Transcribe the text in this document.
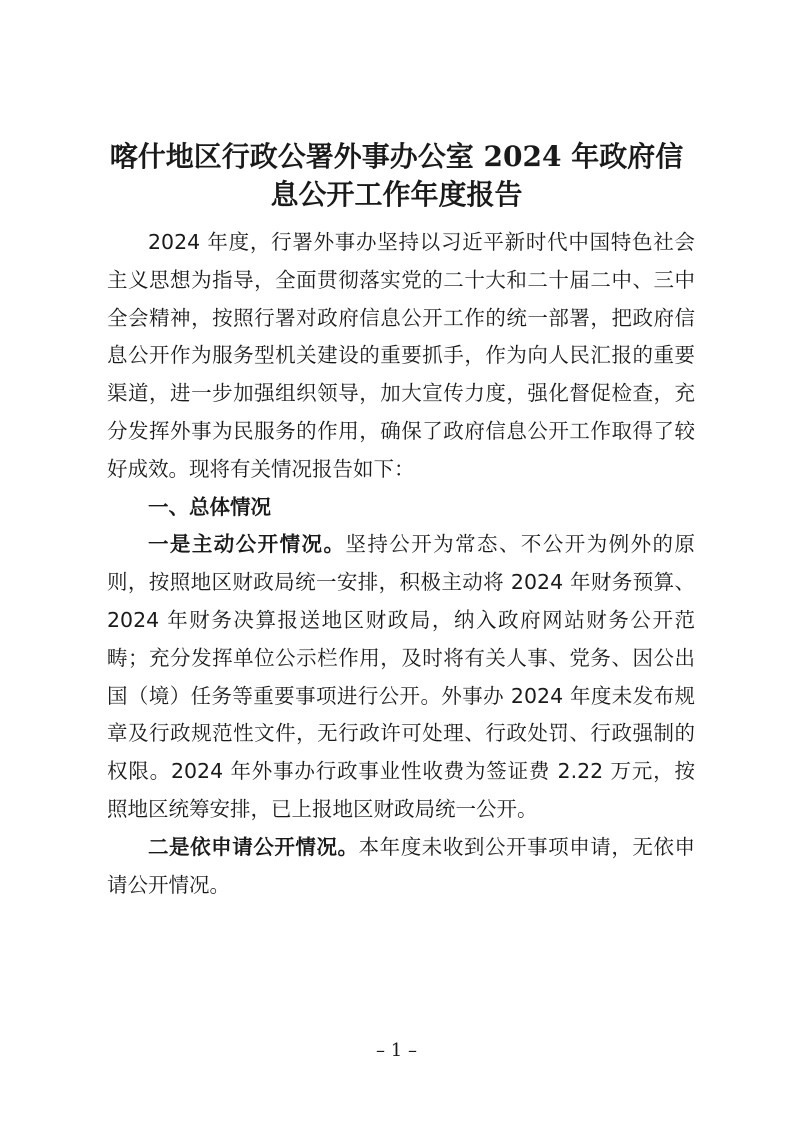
喀什地区行政公署外事办公室 2024 年政府信
息公开工作年度报告

2024 年度，行署外事办坚持以习近平新时代中国特色社会主义思想为指导，全面贯彻落实党的二十大和二十届二中、三中全会精神，按照行署对政府信息公开工作的统一部署，把政府信息公开作为服务型机关建设的重要抓手，作为向人民汇报的重要渠道，进一步加强组织领导，加大宣传力度，强化督促检查，充分发挥外事为民服务的作用，确保了政府信息公开工作取得了较好成效。现将有关情况报告如下：

一、总体情况

一是主动公开情况。坚持公开为常态、不公开为例外的原则，按照地区财政局统一安排，积极主动将 2024 年财务预算、2024 年财务决算报送地区财政局，纳入政府网站财务公开范畴；充分发挥单位公示栏作用，及时将有关人事、党务、因公出国（境）任务等重要事项进行公开。外事办 2024 年度未发布规章及行政规范性文件，无行政许可处理、行政处罚、行政强制的权限。2024 年外事办行政事业性收费为签证费 2.22 万元，按照地区统筹安排，已上报地区财政局统一公开。

二是依申请公开情况。本年度未收到公开事项申请，无依申请公开情况。

– 1 –
